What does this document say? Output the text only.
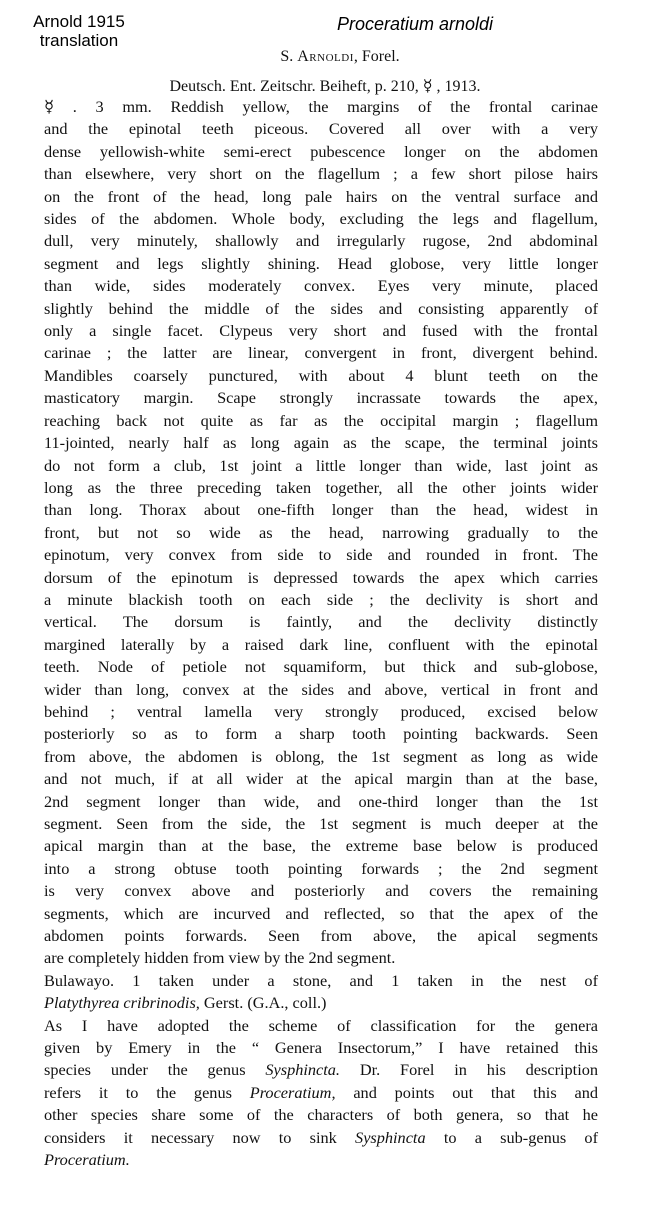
Arnold 1915
translation
Proceratium arnoldi
S. Arnoldi, Forel.
Deutsch. Ent. Zeitschr. Beiheft, p. 210, ☿ , 1913.
☿ . 3 mm. Reddish yellow, the margins of the frontal carinae
and the epinotal teeth piceous. Covered all over with a very
dense yellowish-white semi-erect pubescence longer on the abdomen
than elsewhere, very short on the flagellum ; a few short pilose hairs
on the front of the head, long pale hairs on the ventral surface and
sides of the abdomen. Whole body, excluding the legs and flagellum,
dull, very minutely, shallowly and irregularly rugose, 2nd abdominal
segment and legs slightly shining. Head globose, very little longer
than wide, sides moderately convex. Eyes very minute, placed
slightly behind the middle of the sides and consisting apparently of
only a single facet. Clypeus very short and fused with the frontal
carinae ; the latter are linear, convergent in front, divergent behind.
Mandibles coarsely punctured, with about 4 blunt teeth on the
masticatory margin. Scape strongly incrassate towards the apex,
reaching back not quite as far as the occipital margin ; flagellum
11-jointed, nearly half as long again as the scape, the terminal joints
do not form a club, 1st joint a little longer than wide, last joint as
long as the three preceding taken together, all the other joints wider
than long. Thorax about one-fifth longer than the head, widest in
front, but not so wide as the head, narrowing gradually to the
epinotum, very convex from side to side and rounded in front. The
dorsum of the epinotum is depressed towards the apex which carries
a minute blackish tooth on each side ; the declivity is short and
vertical. The dorsum is faintly, and the declivity distinctly
margined laterally by a raised dark line, confluent with the epinotal
teeth. Node of petiole not squamiform, but thick and sub-globose,
wider than long, convex at the sides and above, vertical in front and
behind ; ventral lamella very strongly produced, excised below
posteriorly so as to form a sharp tooth pointing backwards. Seen
from above, the abdomen is oblong, the 1st segment as long as wide
and not much, if at all wider at the apical margin than at the base,
2nd segment longer than wide, and one-third longer than the 1st
segment. Seen from the side, the 1st segment is much deeper at the
apical margin than at the base, the extreme base below is produced
into a strong obtuse tooth pointing forwards ; the 2nd segment
is very convex above and posteriorly and covers the remaining
segments, which are incurved and reflected, so that the apex of the
abdomen points forwards. Seen from above, the apical segments
are completely hidden from view by the 2nd segment.
Bulawayo. 1 taken under a stone, and 1 taken in the nest of
Platythyrea cribrinodis, Gerst. (G.A., coll.)
As I have adopted the scheme of classification for the genera
given by Emery in the “ Genera Insectorum,” I have retained this
species under the genus Sysphincta. Dr. Forel in his description
refers it to the genus Proceratium, and points out that this and
other species share some of the characters of both genera, so that he
considers it necessary now to sink Sysphincta to a sub-genus of
Proceratium.
